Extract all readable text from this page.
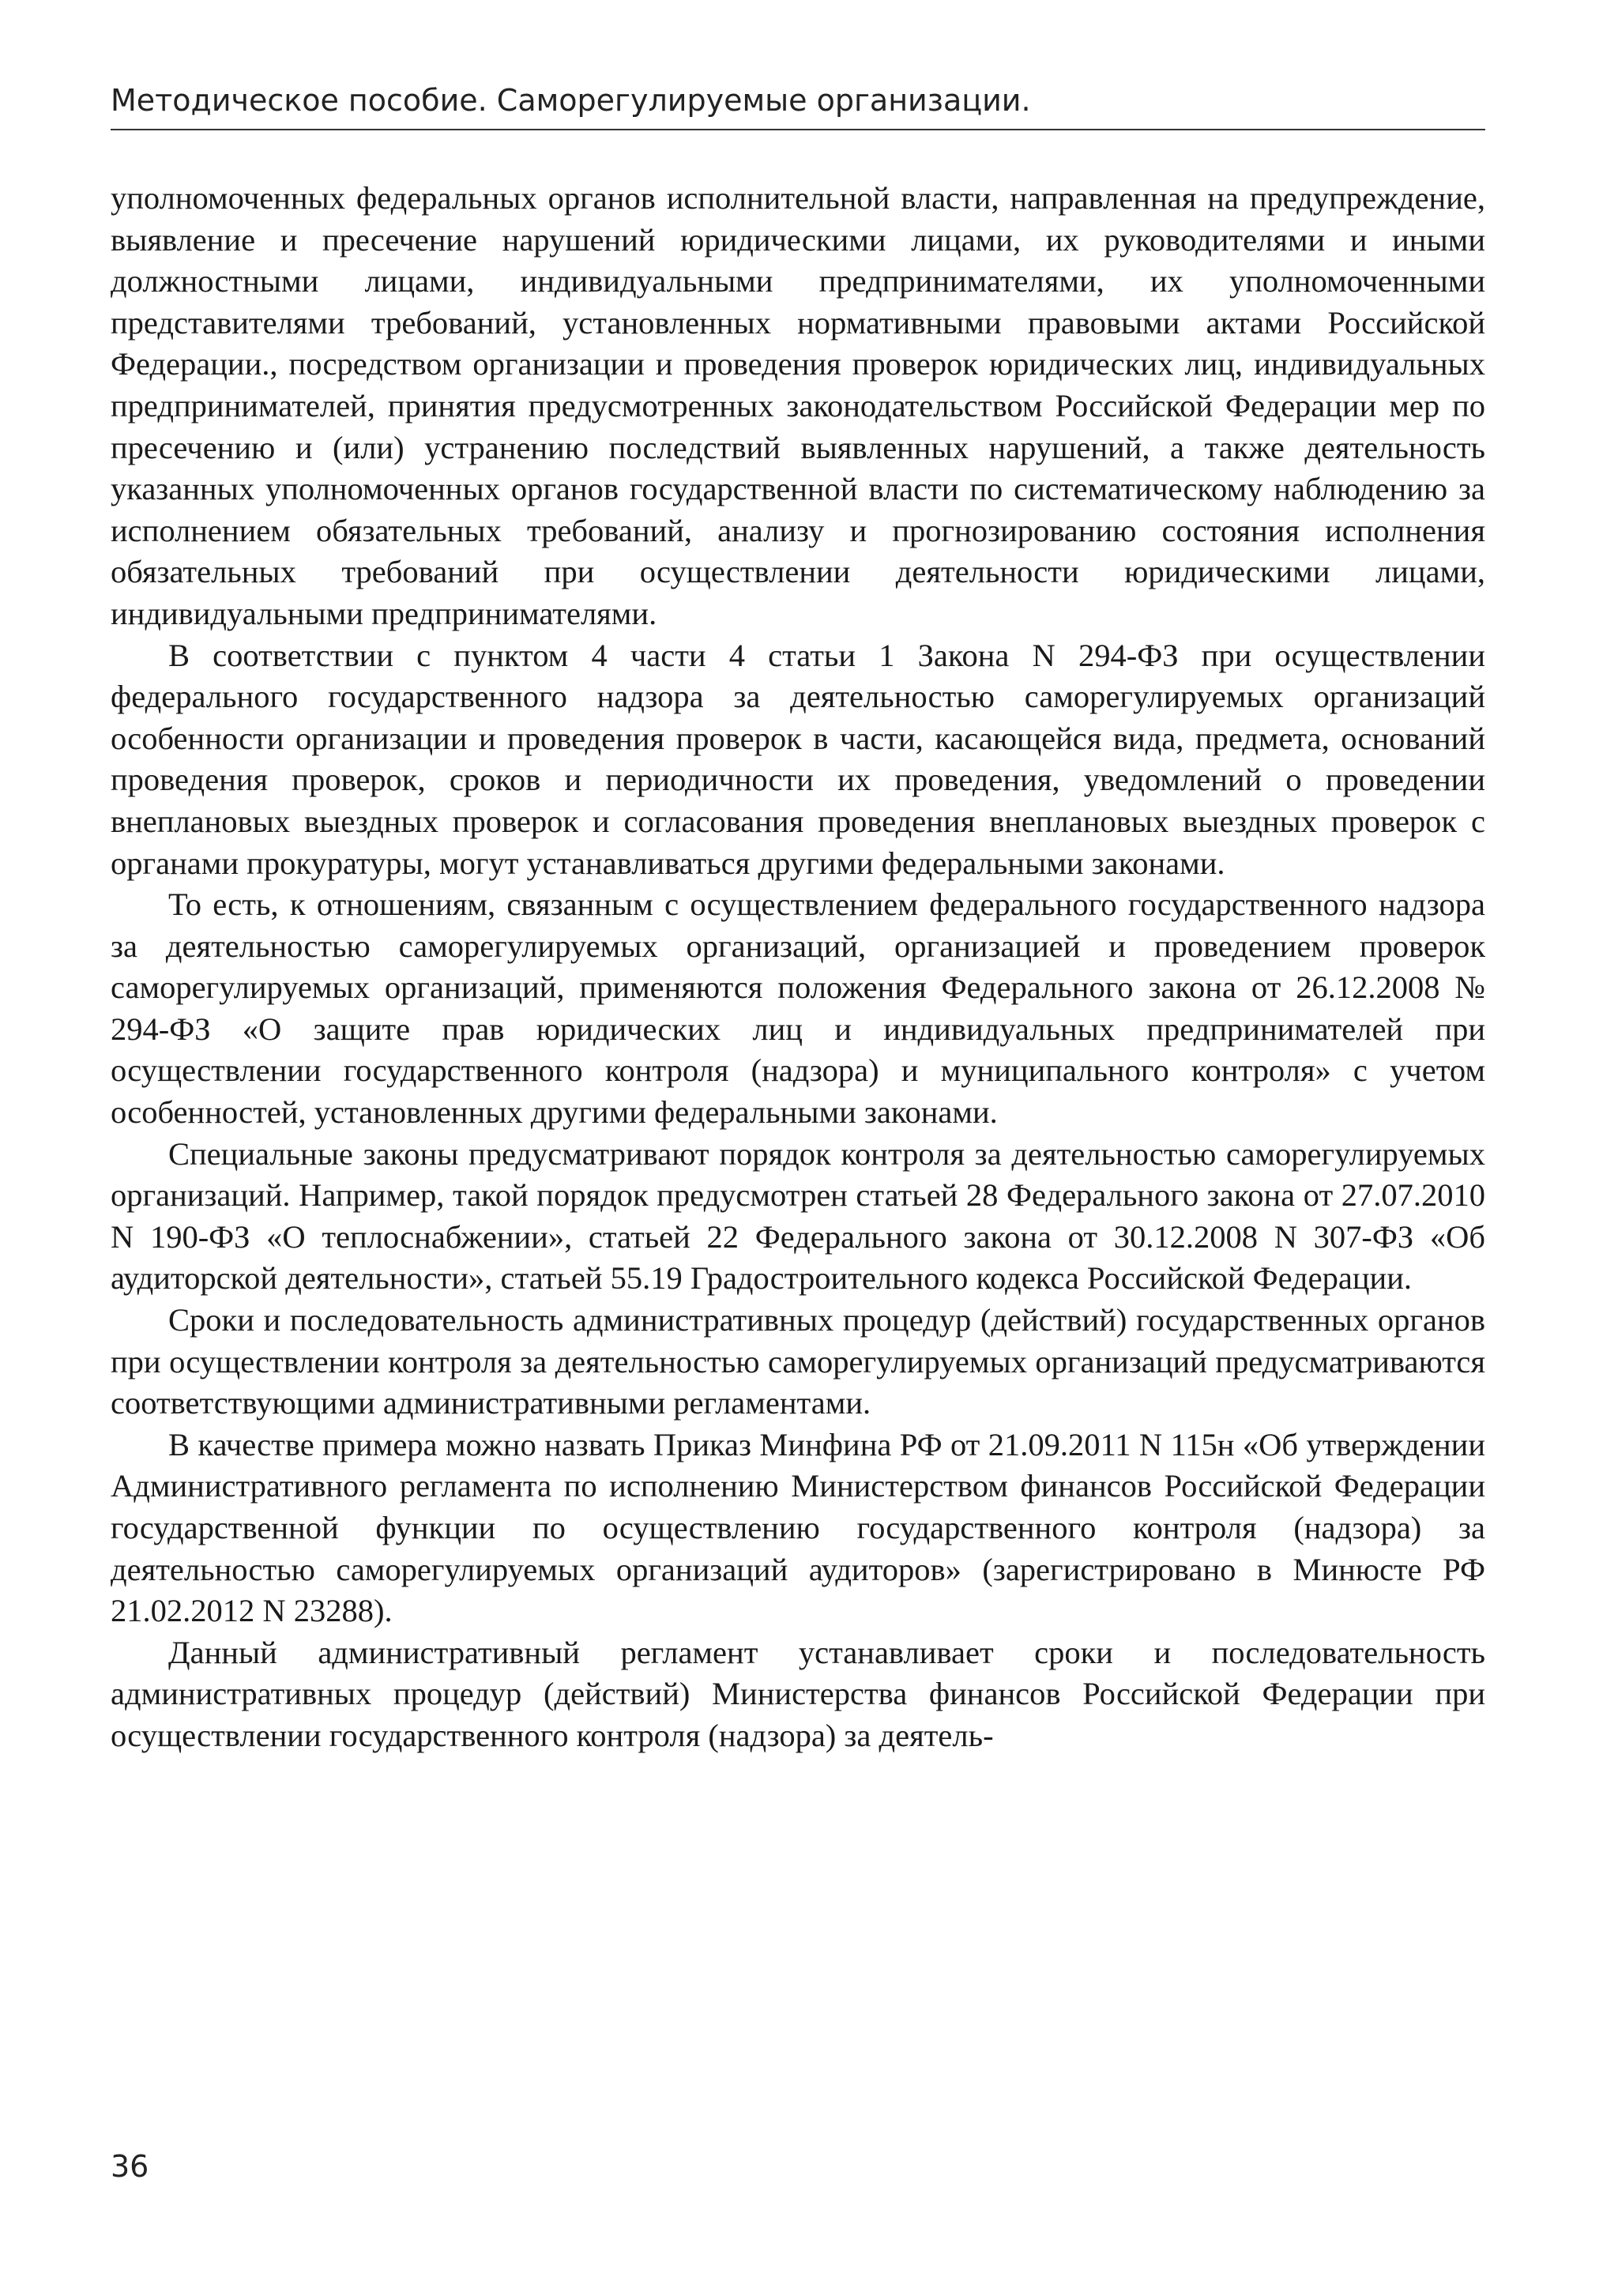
Методическое пособие. Саморегулируемые организации.

уполномоченных федеральных органов исполнительной власти, направленная на предупреждение, выявление и пресечение нарушений юридическими лицами, их руководителями и иными должностными лицами, индивидуальными предпринимателями, их уполномоченными представителями требований, установленных нормативными правовыми актами Российской Федерации., посредством организации и проведения проверок юридических лиц, индивидуальных предпринимателей, принятия предусмотренных законодательством Российской Федерации мер по пресечению и (или) устранению последствий выявленных нарушений, а также деятельность указанных уполномоченных органов государственной власти по систематическому наблюдению за исполнением обязательных требований, анализу и прогнозированию состояния исполнения обязательных требований при осуществлении деятельности юридическими лицами, индивидуальными предпринимателями.

В соответствии с пунктом 4 части 4 статьи 1 Закона N 294-ФЗ при осуществлении федерального государственного надзора за деятельностью саморегулируемых организаций особенности организации и проведения проверок в части, касающейся вида, предмета, оснований проведения проверок, сроков и периодичности их проведения, уведомлений о проведении внеплановых выездных проверок и согласования проведения внеплановых выездных проверок с органами прокуратуры, могут устанавливаться другими федеральными законами.

То есть, к отношениям, связанным с осуществлением федерального государственного надзора за деятельностью саморегулируемых организаций, организацией и проведением проверок саморегулируемых организаций, применяются положения Федерального закона от 26.12.2008 № 294-ФЗ «О защите прав юридических лиц и индивидуальных предпринимателей при осуществлении государственного контроля (надзора) и муниципального контроля» с учетом особенностей, установленных другими федеральными законами.

Специальные законы предусматривают порядок контроля за деятельностью саморегулируемых организаций. Например, такой порядок предусмотрен статьей 28 Федерального закона от 27.07.2010 N 190-ФЗ «О теплоснабжении», статьей 22 Федерального закона от 30.12.2008 N 307-ФЗ «Об аудиторской деятельности», статьей 55.19 Градостроительного кодекса Российской Федерации.

Сроки и последовательность административных процедур (действий) государственных органов при осуществлении контроля за деятельностью саморегулируемых организаций предусматриваются соответствующими административными регламентами.

В качестве примера можно назвать Приказ Минфина РФ от 21.09.2011 N 115н «Об утверждении Административного регламента по исполнению Министерством финансов Российской Федерации государственной функции по осуществлению государственного контроля (надзора) за деятельностью саморегулируемых организаций аудиторов» (зарегистрировано в Минюсте РФ 21.02.2012 N 23288).

Данный административный регламент устанавливает сроки и последовательность административных процедур (действий) Министерства финансов Российской Федерации при осуществлении государственного контроля (надзора) за деятель-

36
